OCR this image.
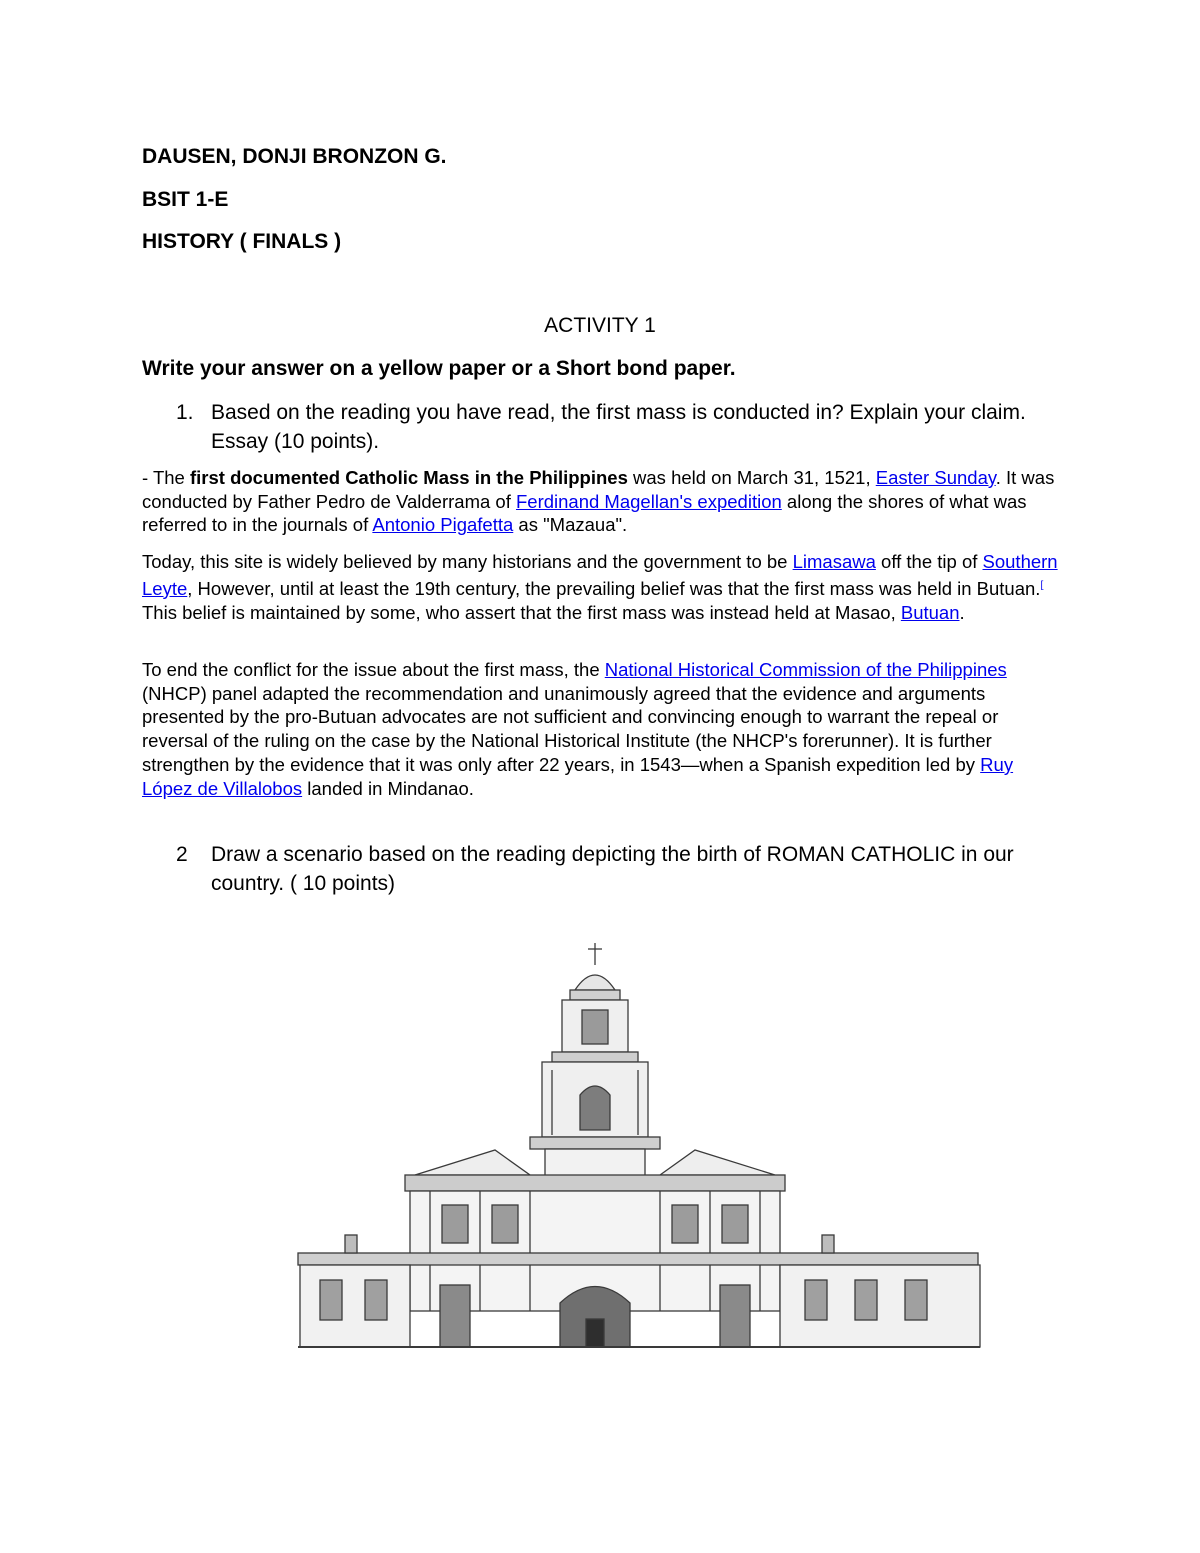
DAUSEN, DONJI BRONZON G.
BSIT 1-E
HISTORY ( FINALS )
ACTIVITY 1
Write your answer on a yellow paper or a Short bond paper.
1. Based on the reading you have read, the first mass is conducted in? Explain your claim. Essay (10 points).
- The first documented Catholic Mass in the Philippines was held on March 31, 1521, Easter Sunday. It was conducted by Father Pedro de Valderrama of Ferdinand Magellan's expedition along the shores of what was referred to in the journals of Antonio Pigafetta as "Mazaua".
Today, this site is widely believed by many historians and the government to be Limasawa off the tip of Southern Leyte, However, until at least the 19th century, the prevailing belief was that the first mass was held in Butuan.[ This belief is maintained by some, who assert that the first mass was instead held at Masao, Butuan.
To end the conflict for the issue about the first mass, the National Historical Commission of the Philippines (NHCP) panel adapted the recommendation and unanimously agreed that the evidence and arguments presented by the pro-Butuan advocates are not sufficient and convincing enough to warrant the repeal or reversal of the ruling on the case by the National Historical Institute (the NHCP's forerunner). It is further strengthen by the evidence that it was only after 22 years, in 1543—when a Spanish expedition led by Ruy López de Villalobos landed in Mindanao.
2 Draw a scenario based on the reading depicting the birth of ROMAN CATHOLIC in our country. ( 10 points)
